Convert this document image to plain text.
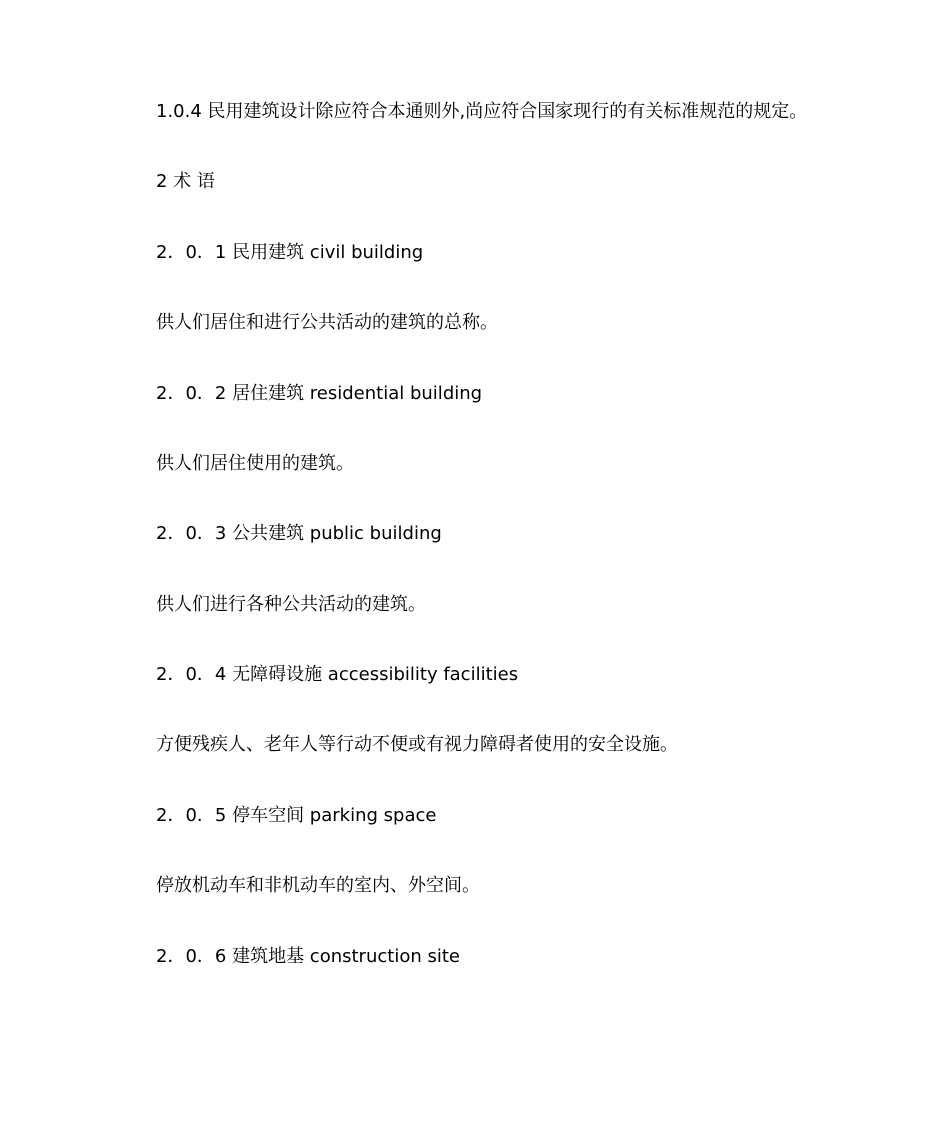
1.0.4 民用建筑设计除应符合本通则外,尚应符合国家现行的有关标准规范的规定。
2 术 语
2．0．1 民用建筑 civil building
供人们居住和进行公共活动的建筑的总称。
2．0．2 居住建筑 residential building
供人们居住使用的建筑。
2．0．3 公共建筑 public building
供人们进行各种公共活动的建筑。
2．0．4 无障碍设施 accessibility facilities
方便残疾人、老年人等行动不便或有视力障碍者使用的安全设施。
2．0．5 停车空间 parking space
停放机动车和非机动车的室内、外空间。
2．0．6 建筑地基 construction site
